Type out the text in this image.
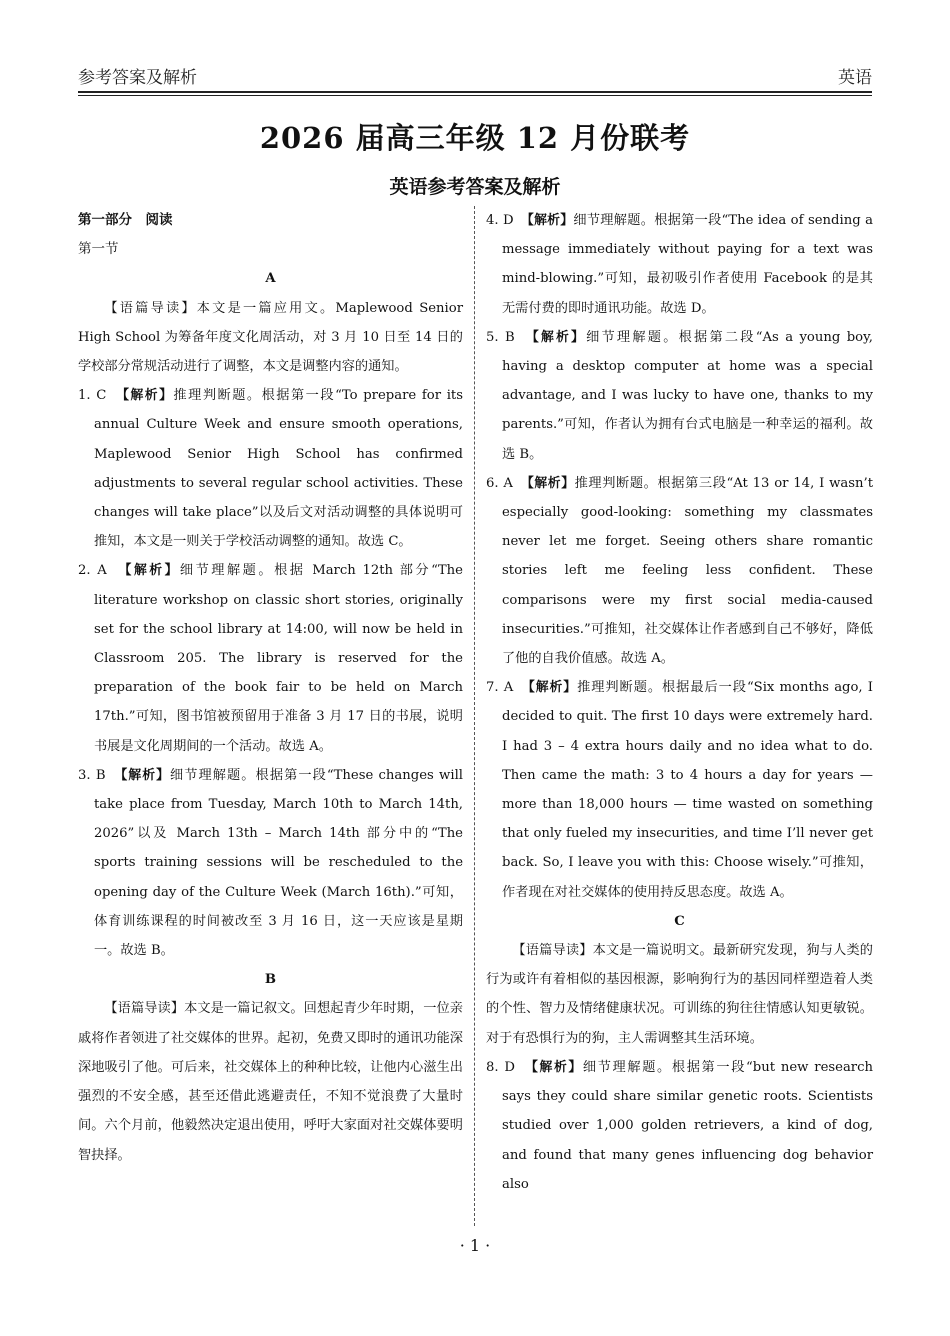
参考答案及解析	英语
2026 届高三年级 12 月份联考
英语参考答案及解析

第一部分　阅读

第一节

A

【语篇导读】本文是一篇应用文。Maplewood Senior High School 为筹备年度文化周活动，对 3 月 10 日至 14 日的学校部分常规活动进行了调整，本文是调整内容的通知。

1. C　 【解析】推理判断题。根据第一段“To prepare for its annual Culture Week and ensure smooth operations, Maplewood Senior High School has confirmed adjustments to several regular school activities. These changes will take place”以及后文对活动调整的具体说明可推知，本文是一则关于学校活动调整的通知。故选 C。

2. A　 【解析】细节理解题。根据 March 12th 部分“The literature workshop on classic short stories, originally set for the school library at 14:00, will now be held in Classroom 205. The library is reserved for the preparation of the book fair to be held on March 17th.”可知，图书馆被预留用于准备 3 月 17 日的书展，说明书展是文化周期间的一个活动。故选 A。

3. B　 【解析】细节理解题。根据第一段“These changes will take place from Tuesday, March 10th to March 14th, 2026”以及 March 13th – March 14th 部分中的“The sports training sessions will be rescheduled to the opening day of the Culture Week (March 16th).”可知，体育训练课程的时间被改至 3 月 16 日，这一天应该是星期一。故选 B。

B

【语篇导读】本文是一篇记叙文。回想起青少年时期，一位亲戚将作者领进了社交媒体的世界。起初，免费又即时的通讯功能深深地吸引了他。可后来，社交媒体上的种种比较，让他内心滋生出强烈的不安全感，甚至还借此逃避责任，不知不觉浪费了大量时间。六个月前，他毅然决定退出使用，呼吁大家面对社交媒体要明智抉择。

4. D　 【解析】细节理解题。根据第一段“The idea of sending a message immediately without paying for a text was mind-blowing.”可知，最初吸引作者使用 Facebook 的是其无需付费的即时通讯功能。故选 D。

5. B　 【解析】细节理解题。根据第二段“As a young boy, having a desktop computer at home was a special advantage, and I was lucky to have one, thanks to my parents.”可知，作者认为拥有台式电脑是一种幸运的福利。故选 B。

6. A　 【解析】推理判断题。根据第三段“At 13 or 14, I wasn’t especially good-looking: something my classmates never let me forget. Seeing others share romantic stories left me feeling less confident. These comparisons were my first social media-caused insecurities.”可推知，社交媒体让作者感到自己不够好，降低了他的自我价值感。故选 A。

7. A　 【解析】推理判断题。根据最后一段“Six months ago, I decided to quit. The first 10 days were extremely hard. I had 3 – 4 extra hours daily and no idea what to do. Then came the math: 3 to 4 hours a day for years — more than 18,000 hours — time wasted on something that only fueled my insecurities, and time I’ll never get back. So, I leave you with this: Choose wisely.”可推知，作者现在对社交媒体的使用持反思态度。故选 A。

C

【语篇导读】本文是一篇说明文。最新研究发现，狗与人类的行为或许有着相似的基因根源，影响狗行为的基因同样塑造着人类的个性、智力及情绪健康状况。可训练的狗往往情感认知更敏锐。对于有恐惧行为的狗，主人需调整其生活环境。

8. D　 【解析】细节理解题。根据第一段“but new research says they could share similar genetic roots. Scientists studied over 1,000 golden retrievers, a kind of dog, and found that many genes influencing dog behavior also

· 1 ·
